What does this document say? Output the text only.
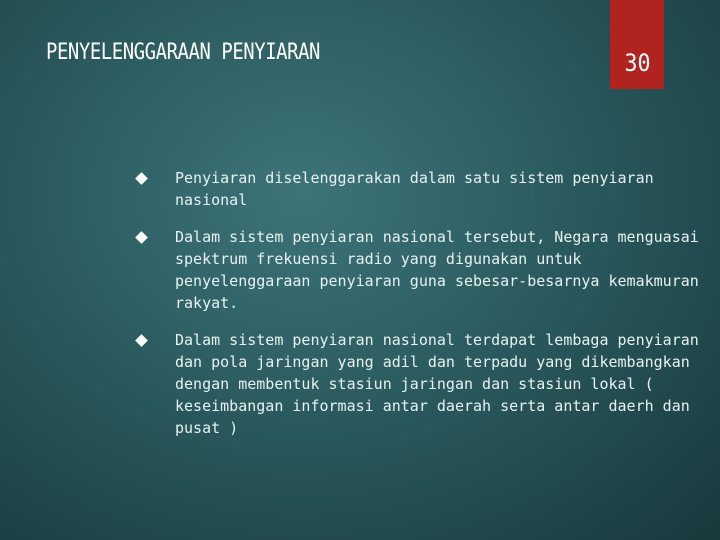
PENYELENGGARAAN PENYIARAN	30
Penyiaran diselenggarakan dalam satu sistem penyiaran
nasional
Dalam sistem penyiaran nasional tersebut, Negara menguasai
spektrum frekuensi radio yang digunakan untuk
penyelenggaraan penyiaran guna sebesar-besarnya kemakmuran
rakyat.
Dalam sistem penyiaran nasional terdapat lembaga penyiaran
dan pola jaringan yang adil dan terpadu yang dikembangkan
dengan membentuk stasiun jaringan dan stasiun lokal (
keseimbangan informasi antar daerah serta antar daerh dan
pusat )
